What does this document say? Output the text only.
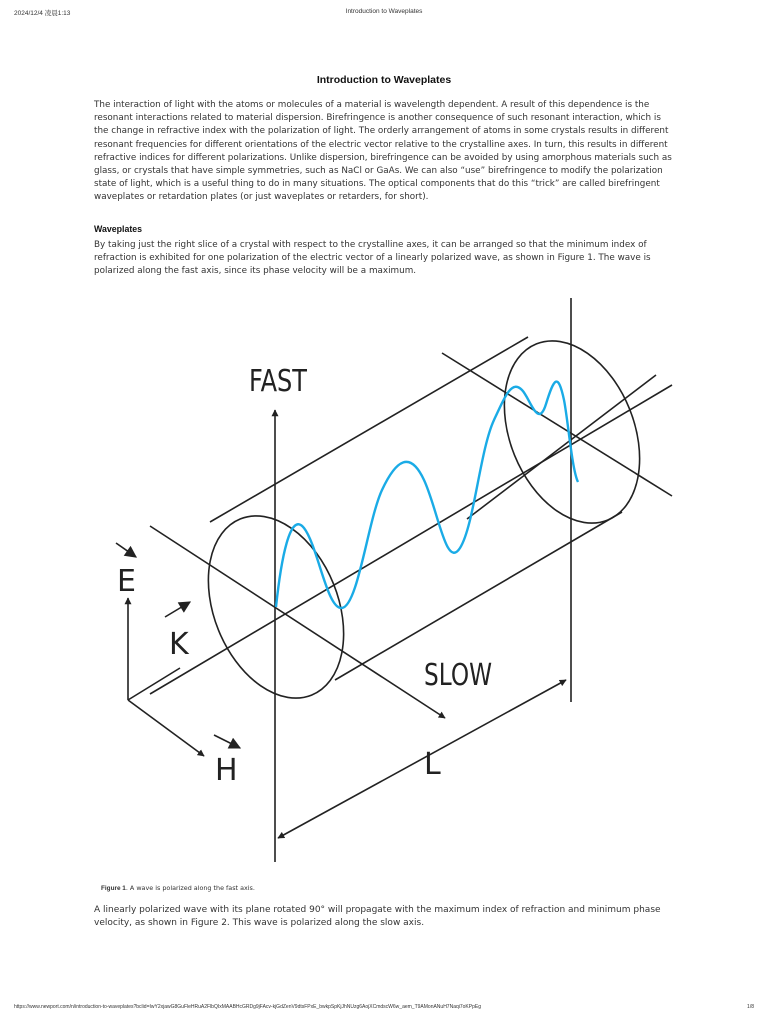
2024/12/4 凌晨1:13	Introduction to Waveplates
Introduction to Waveplates
The interaction of light with the atoms or molecules of a material is wavelength dependent. A result of this dependence is the resonant interactions related to material dispersion. Birefringence is another consequence of such resonant interaction, which is the change in refractive index with the polarization of light. The orderly arrangement of atoms in some crystals results in different resonant frequencies for different orientations of the electric vector relative to the crystalline axes. In turn, this results in different refractive indices for different polarizations. Unlike dispersion, birefringence can be avoided by using amorphous materials such as glass, or crystals that have simple symmetries, such as NaCl or GaAs. We can also “use” birefringence to modify the polarization state of light, which is a useful thing to do in many situations. The optical components that do this “trick” are called birefringent waveplates or retardation plates (or just waveplates or retarders, for short).
Waveplates
By taking just the right slice of a crystal with respect to the crystalline axes, it can be arranged so that the minimum index of refraction is exhibited for one polarization of the electric vector of a linearly polarized wave, as shown in Figure 1. The wave is polarized along the fast axis, since its phase velocity will be a maximum.
FAST
SLOW
E
K
H	L
Figure 1. A wave is polarized along the fast axis.
A linearly polarized wave with its plane rotated 90° will propagate with the maximum index of refraction and minimum phase velocity, as shown in Figure 2. This wave is polarized along the slow axis.
https://www.newport.com/n/introduction-to-waveplates?bclid=IwY2xjawG8GuFleHRuA2FlbQIxMAABHcGRDg9jFAcv-kjGdZenV9dtsFPxE_bwkpSpKjJhNUzg6AojXCmdscW6w_aem_T9AMonANuH7Naqi7oKPpEg	1/8
